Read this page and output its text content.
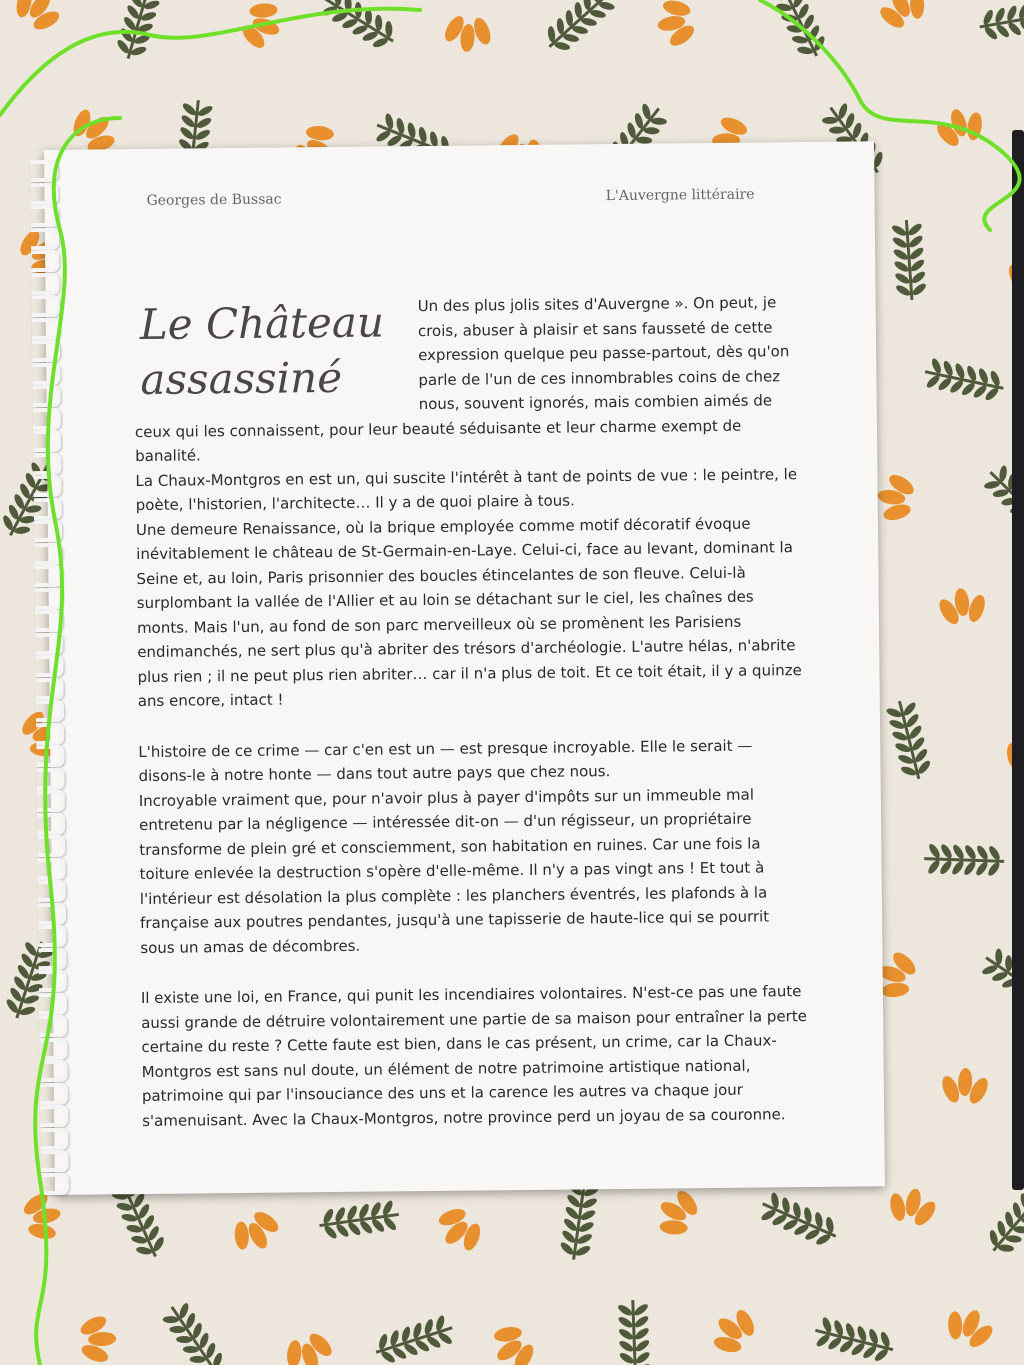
Georges de Bussac	L'Auvergne littéraire
Le Château assassiné

Un des plus jolis sites d'Auvergne ». On peut, je crois, abuser à plaisir et sans fausseté de cette expression quelque peu passe-partout, dès qu'on parle de l'un de ces innombrables coins de chez nous, souvent ignorés, mais combien aimés de ceux qui les connaissent, pour leur beauté séduisante et leur charme exempt de banalité.

La Chaux-Montgros en est un, qui suscite l'intérêt à tant de points de vue : le peintre, le poète, l'historien, l'architecte… Il y a de quoi plaire à tous.

Une demeure Renaissance, où la brique employée comme motif décoratif évoque inévitablement le château de St-Germain-en-Laye. Celui-ci, face au levant, dominant la Seine et, au loin, Paris prisonnier des boucles étincelantes de son fleuve. Celui-là surplombant la vallée de l'Allier et au loin se détachant sur le ciel, les chaînes des monts. Mais l'un, au fond de son parc merveilleux où se promènent les Parisiens endimanchés, ne sert plus qu'à abriter des trésors d'archéologie. L'autre hélas, n'abrite plus rien ; il ne peut plus rien abriter… car il n'a plus de toit. Et ce toit était, il y a quinze ans encore, intact !

L'histoire de ce crime — car c'en est un — est presque incroyable. Elle le serait — disons-le à notre honte — dans tout autre pays que chez nous.

Incroyable vraiment que, pour n'avoir plus à payer d'impôts sur un immeuble mal entretenu par la négligence — intéressée dit-on — d'un régisseur, un propriétaire transforme de plein gré et consciemment, son habitation en ruines. Car une fois la toiture enlevée la destruction s'opère d'elle-même. Il n'y a pas vingt ans ! Et tout à l'intérieur est désolation la plus complète : les planchers éventrés, les plafonds à la française aux poutres pendantes, jusqu'à une tapisserie de haute-lice qui se pourrit sous un amas de décombres.

Il existe une loi, en France, qui punit les incendiaires volontaires. N'est-ce pas une faute aussi grande de détruire volontairement une partie de sa maison pour entraîner la perte certaine du reste ? Cette faute est bien, dans le cas présent, un crime, car la Chaux-Montgros est sans nul doute, un élément de notre patrimoine artistique national, patrimoine qui par l'insouciance des uns et la carence les autres va chaque jour s'amenuisant. Avec la Chaux-Montgros, notre province perd un joyau de sa couronne.
